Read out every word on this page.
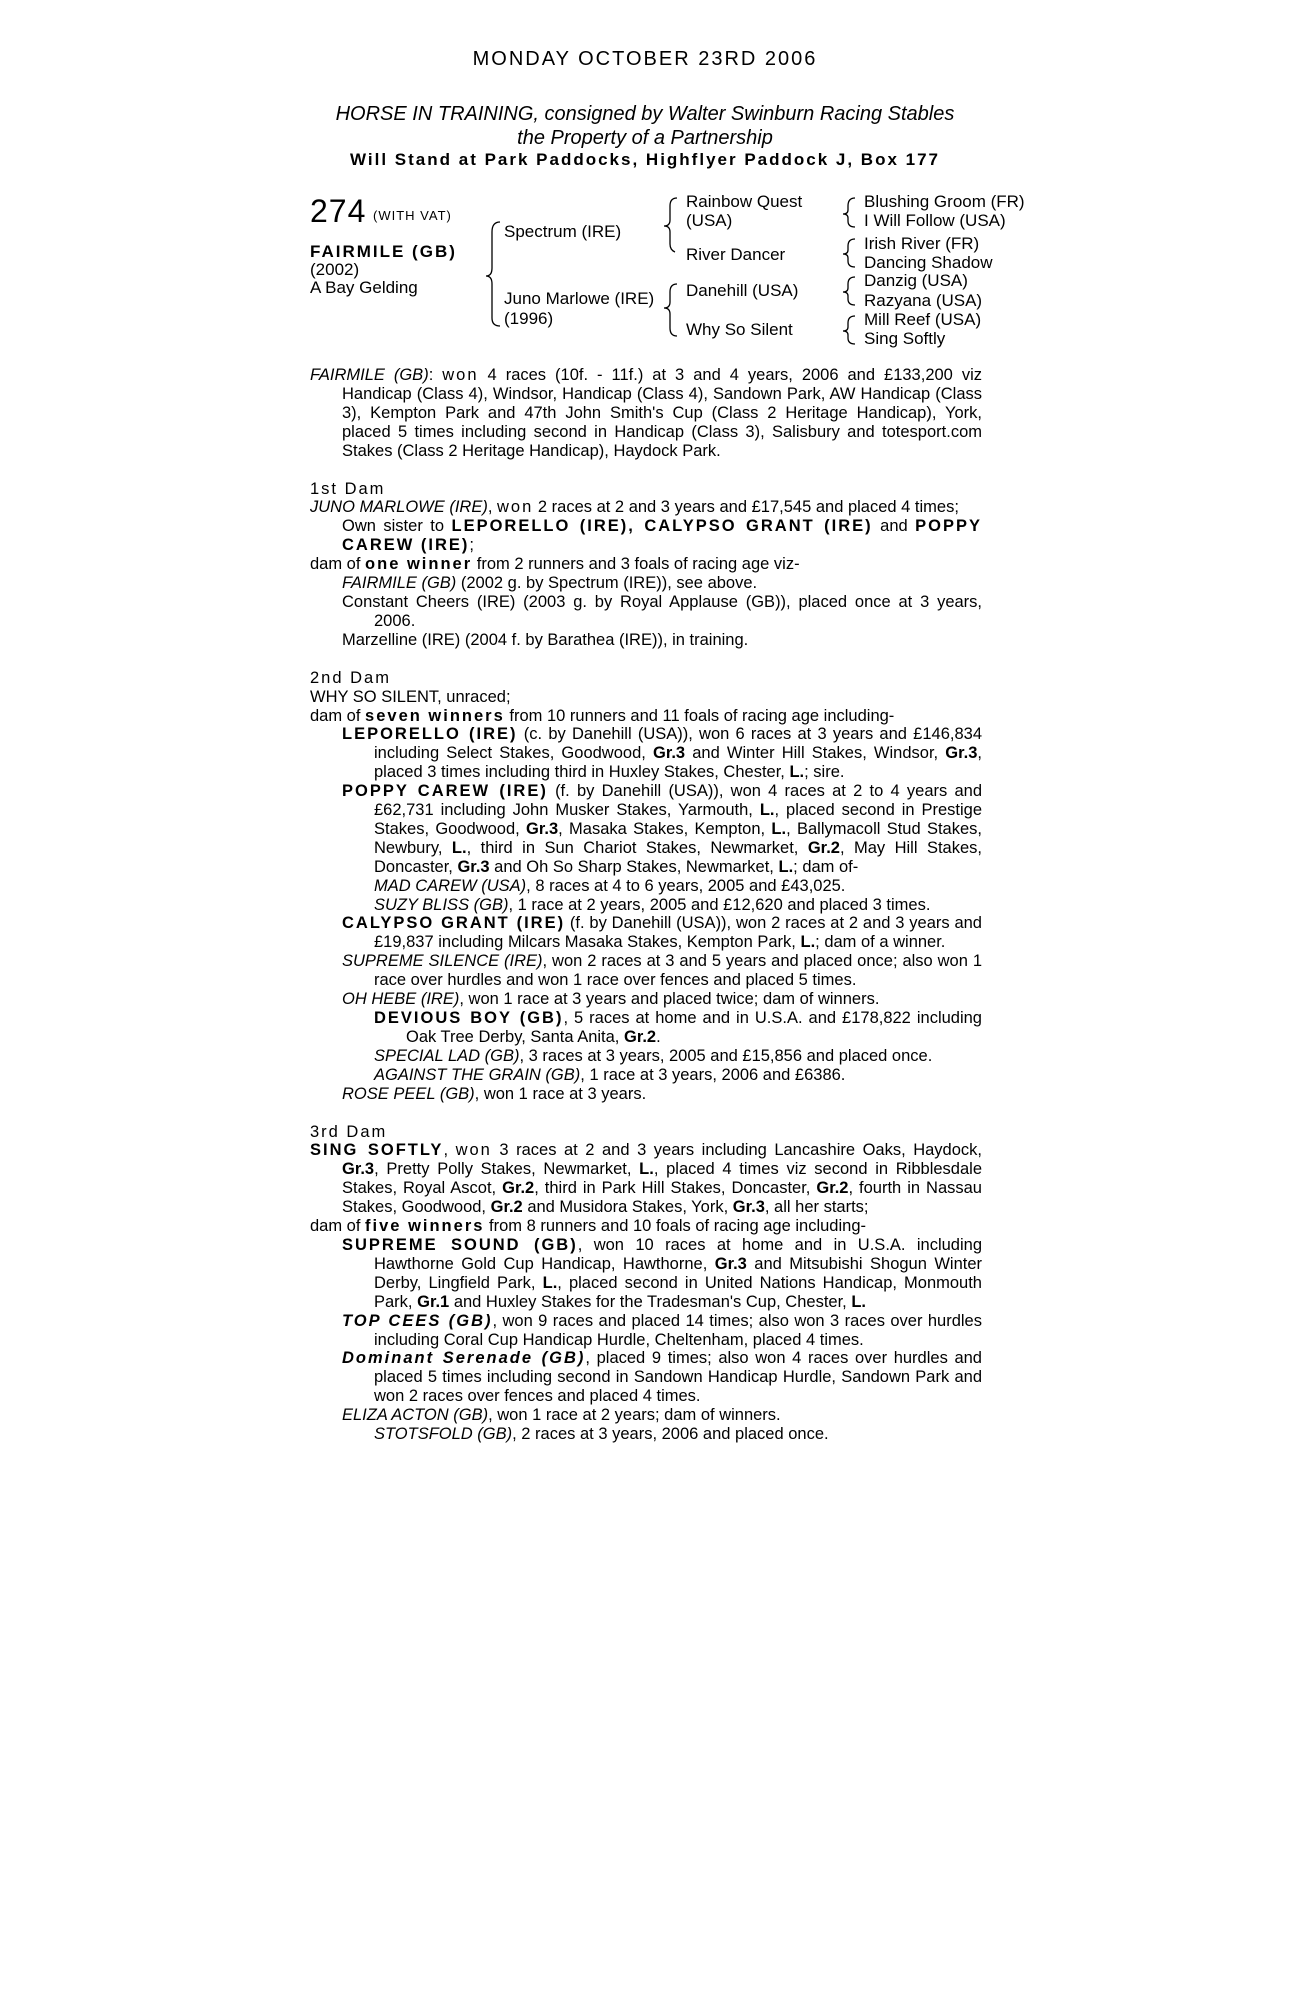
MONDAY OCTOBER 23RD 2006
HORSE IN TRAINING, consigned by Walter Swinburn Racing Stables
the Property of a Partnership
Will Stand at Park Paddocks, Highflyer Paddock J, Box 177
274 (WITH VAT)
FAIRMILE (GB)
(2002)
A Bay Gelding
Spectrum (IRE)
Juno Marlowe (IRE)
(1996)
Rainbow Quest
(USA)
River Dancer
Danehill (USA)
Why So Silent
Blushing Groom (FR)
I Will Follow (USA)
Irish River (FR)
Dancing Shadow
Danzig (USA)
Razyana (USA)
Mill Reef (USA)
Sing Softly

FAIRMILE (GB): won 4 races (10f. - 11f.) at 3 and 4 years, 2006 and £133,200 viz Handicap (Class 4), Windsor, Handicap (Class 4), Sandown Park, AW Handicap (Class 3), Kempton Park and 47th John Smith's Cup (Class 2 Heritage Handicap), York, placed 5 times including second in Handicap (Class 3), Salisbury and totesport.com Stakes (Class 2 Heritage Handicap), Haydock Park.

1st Dam

JUNO MARLOWE (IRE), won 2 races at 2 and 3 years and £17,545 and placed 4 times;

Own sister to LEPORELLO (IRE), CALYPSO GRANT (IRE) and POPPY CAREW (IRE);

dam of one winner from 2 runners and 3 foals of racing age viz-

FAIRMILE (GB) (2002 g. by Spectrum (IRE)), see above.

Constant Cheers (IRE) (2003 g. by Royal Applause (GB)), placed once at 3 years, 2006.

Marzelline (IRE) (2004 f. by Barathea (IRE)), in training.

2nd Dam

WHY SO SILENT, unraced;

dam of seven winners from 10 runners and 11 foals of racing age including-

LEPORELLO (IRE) (c. by Danehill (USA)), won 6 races at 3 years and £146,834 including Select Stakes, Goodwood, Gr.3 and Winter Hill Stakes, Windsor, Gr.3, placed 3 times including third in Huxley Stakes, Chester, L.; sire.

POPPY CAREW (IRE) (f. by Danehill (USA)), won 4 races at 2 to 4 years and £62,731 including John Musker Stakes, Yarmouth, L., placed second in Prestige Stakes, Goodwood, Gr.3, Masaka Stakes, Kempton, L., Ballymacoll Stud Stakes, Newbury, L., third in Sun Chariot Stakes, Newmarket, Gr.2, May Hill Stakes, Doncaster, Gr.3 and Oh So Sharp Stakes, Newmarket, L.; dam of-

MAD CAREW (USA), 8 races at 4 to 6 years, 2005 and £43,025.

SUZY BLISS (GB), 1 race at 2 years, 2005 and £12,620 and placed 3 times.

CALYPSO GRANT (IRE) (f. by Danehill (USA)), won 2 races at 2 and 3 years and £19,837 including Milcars Masaka Stakes, Kempton Park, L.; dam of a winner.

SUPREME SILENCE (IRE), won 2 races at 3 and 5 years and placed once; also won 1 race over hurdles and won 1 race over fences and placed 5 times.

OH HEBE (IRE), won 1 race at 3 years and placed twice; dam of winners.

DEVIOUS BOY (GB), 5 races at home and in U.S.A. and £178,822 including Oak Tree Derby, Santa Anita, Gr.2.

SPECIAL LAD (GB), 3 races at 3 years, 2005 and £15,856 and placed once.

AGAINST THE GRAIN (GB), 1 race at 3 years, 2006 and £6386.

ROSE PEEL (GB), won 1 race at 3 years.

3rd Dam

SING SOFTLY, won 3 races at 2 and 3 years including Lancashire Oaks, Haydock, Gr.3, Pretty Polly Stakes, Newmarket, L., placed 4 times viz second in Ribblesdale Stakes, Royal Ascot, Gr.2, third in Park Hill Stakes, Doncaster, Gr.2, fourth in Nassau Stakes, Goodwood, Gr.2 and Musidora Stakes, York, Gr.3, all her starts;

dam of five winners from 8 runners and 10 foals of racing age including-

SUPREME SOUND (GB), won 10 races at home and in U.S.A. including Hawthorne Gold Cup Handicap, Hawthorne, Gr.3 and Mitsubishi Shogun Winter Derby, Lingfield Park, L., placed second in United Nations Handicap, Monmouth Park, Gr.1 and Huxley Stakes for the Tradesman's Cup, Chester, L.

TOP CEES (GB), won 9 races and placed 14 times; also won 3 races over hurdles including Coral Cup Handicap Hurdle, Cheltenham, placed 4 times.

Dominant Serenade (GB), placed 9 times; also won 4 races over hurdles and placed 5 times including second in Sandown Handicap Hurdle, Sandown Park and won 2 races over fences and placed 4 times.

ELIZA ACTON (GB), won 1 race at 2 years; dam of winners.

STOTSFOLD (GB), 2 races at 3 years, 2006 and placed once.
